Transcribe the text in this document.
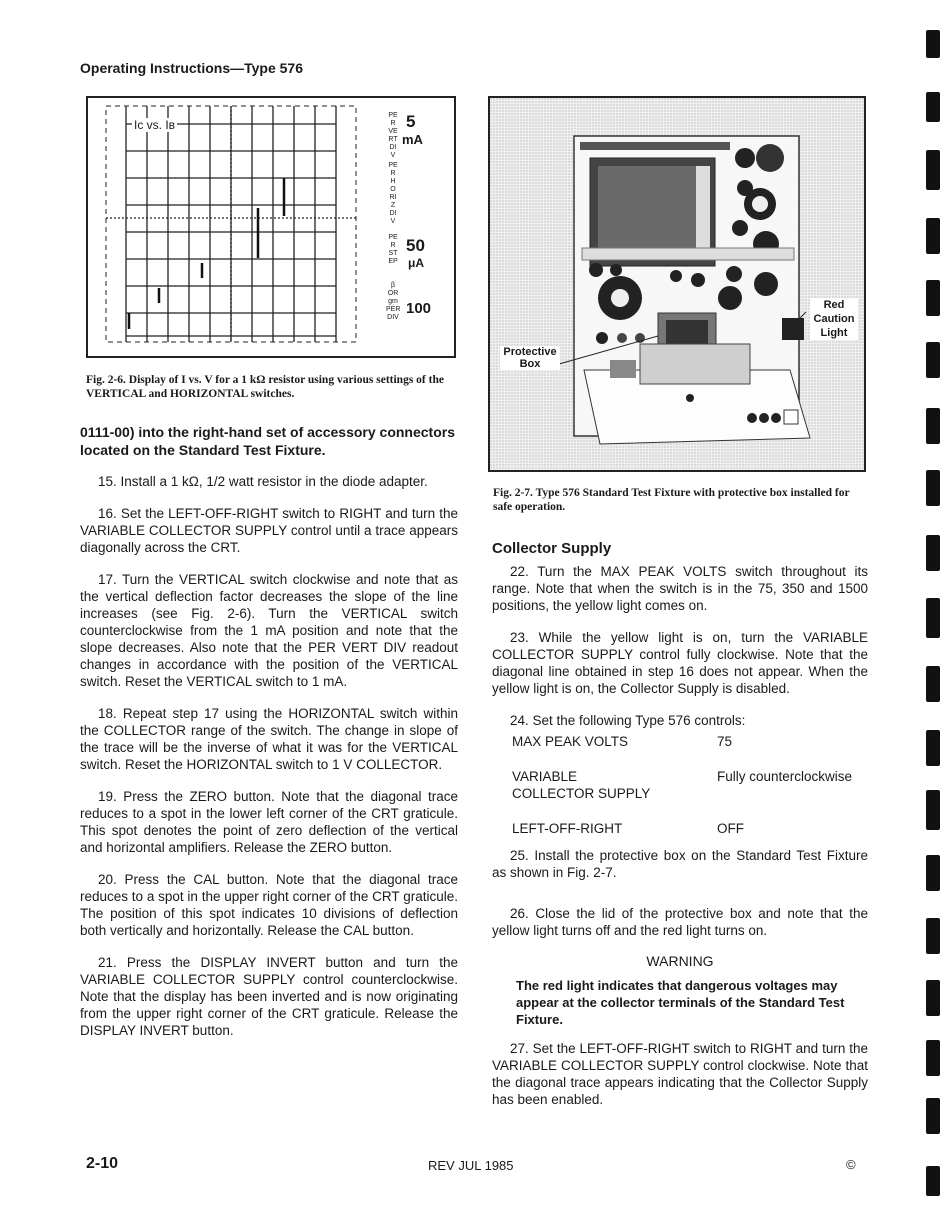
Operating Instructions—Type 576
Iᴄ vs. Iʙ
PER VERT DIV
5
mA
PER HORIZ DIV
PER STEP
50
μA
β OR gm PER DIV
100
Fig. 2-6. Display of I vs. V for a 1 kΩ resistor using various settings of the VERTICAL and HORIZONTAL switches.
Protective Box
Red Caution Light
Fig. 2-7. Type 576 Standard Test Fixture with protective box installed for safe operation.
0111-00) into the right-hand set of accessory connectors located on the Standard Test Fixture.
15. Install a 1 kΩ, 1/2 watt resistor in the diode adapter.
16. Set the LEFT-OFF-RIGHT switch to RIGHT and turn the VARIABLE COLLECTOR SUPPLY control until a trace appears diagonally across the CRT.
17. Turn the VERTICAL switch clockwise and note that as the vertical deflection factor decreases the slope of the line increases (see Fig. 2-6). Turn the VERTICAL switch counterclockwise from the 1 mA position and note that the slope decreases. Also note that the PER VERT DIV readout changes in accordance with the position of the VERTICAL switch. Reset the VERTICAL switch to 1 mA.
18. Repeat step 17 using the HORIZONTAL switch within the COLLECTOR range of the switch. The change in slope of the trace will be the inverse of what it was for the VERTICAL switch. Reset the HORIZONTAL switch to 1 V COLLECTOR.
19. Press the ZERO button. Note that the diagonal trace reduces to a spot in the lower left corner of the CRT graticule. This spot denotes the point of zero deflection of the vertical and horizontal amplifiers. Release the ZERO button.
20. Press the CAL button. Note that the diagonal trace reduces to a spot in the upper right corner of the CRT graticule. The position of this spot indicates 10 divisions of deflection both vertically and horizontally. Release the CAL button.
21. Press the DISPLAY INVERT button and turn the VARIABLE COLLECTOR SUPPLY control counterclockwise. Note that the display has been inverted and is now originating from the upper right corner of the CRT graticule. Release the DISPLAY INVERT button.
Collector Supply
22. Turn the MAX PEAK VOLTS switch throughout its range. Note that when the switch is in the 75, 350 and 1500 positions, the yellow light comes on.
23. While the yellow light is on, turn the VARIABLE COLLECTOR SUPPLY control fully clockwise. Note that the diagonal line obtained in step 16 does not appear. When the yellow light is on, the Collector Supply is disabled.
24. Set the following Type 576 controls:
MAX PEAK VOLTS	75
VARIABLE COLLECTOR SUPPLY	Fully counterclockwise
LEFT-OFF-RIGHT	OFF
25. Install the protective box on the Standard Test Fixture as shown in Fig. 2-7.
26. Close the lid of the protective box and note that the yellow light turns off and the red light turns on.
WARNING
The red light indicates that dangerous voltages may appear at the collector terminals of the Standard Test Fixture.
27. Set the LEFT-OFF-RIGHT switch to RIGHT and turn the VARIABLE COLLECTOR SUPPLY control clockwise. Note that the diagonal trace appears indicating that the Collector Supply has been enabled.
2-10	REV JUL 1985	©
